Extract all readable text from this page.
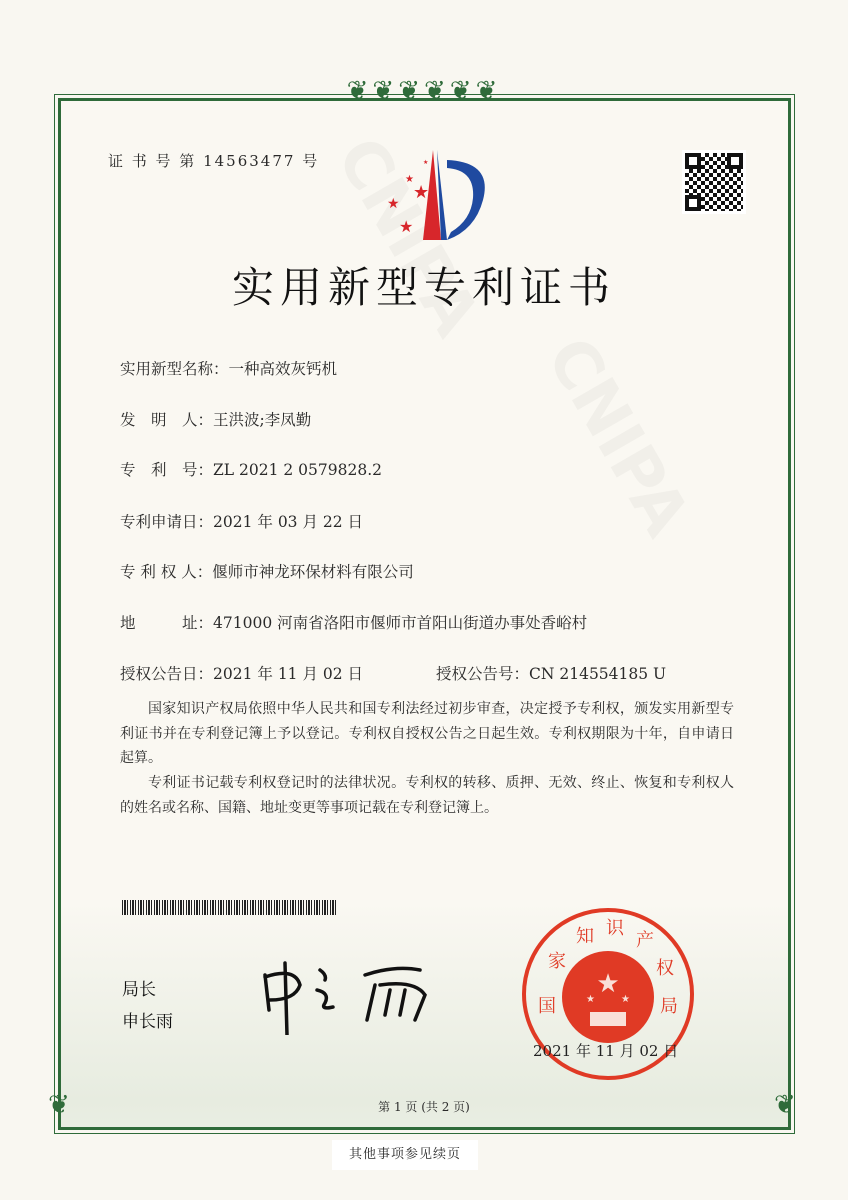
❦❦❦❦❦❦
❦	❦
证 书 号 第 14563477 号
★
★
★
★
★
实用新型专利证书
实用新型名称：一种高效灰钙机
发　明　人：王洪波;李凤勤
专　利　号：ZL 2021 2 0579828.2
专利申请日：2021 年 03 月 22 日
专 利 权 人：偃师市神龙环保材料有限公司
地　　　址：471000 河南省洛阳市偃师市首阳山街道办事处香峪村
授权公告日：2021 年 11 月 02 日	授权公告号：CN 214554185 U
国家知识产权局依照中华人民共和国专利法经过初步审查，决定授予专利权，颁发实用新型专利证书并在专利登记簿上予以登记。专利权自授权公告之日起生效。专利权期限为十年，自申请日起算。
专利证书记载专利权登记时的法律状况。专利权的转移、质押、无效、终止、恢复和专利权人的姓名或名称、国籍、地址变更等事项记载在专利登记簿上。
局长
申长雨
★
★	★
国
家
知 识
产
权
局
2021 年 11 月 02 日
第 1 页 (共 2 页)
其他事项参见续页
